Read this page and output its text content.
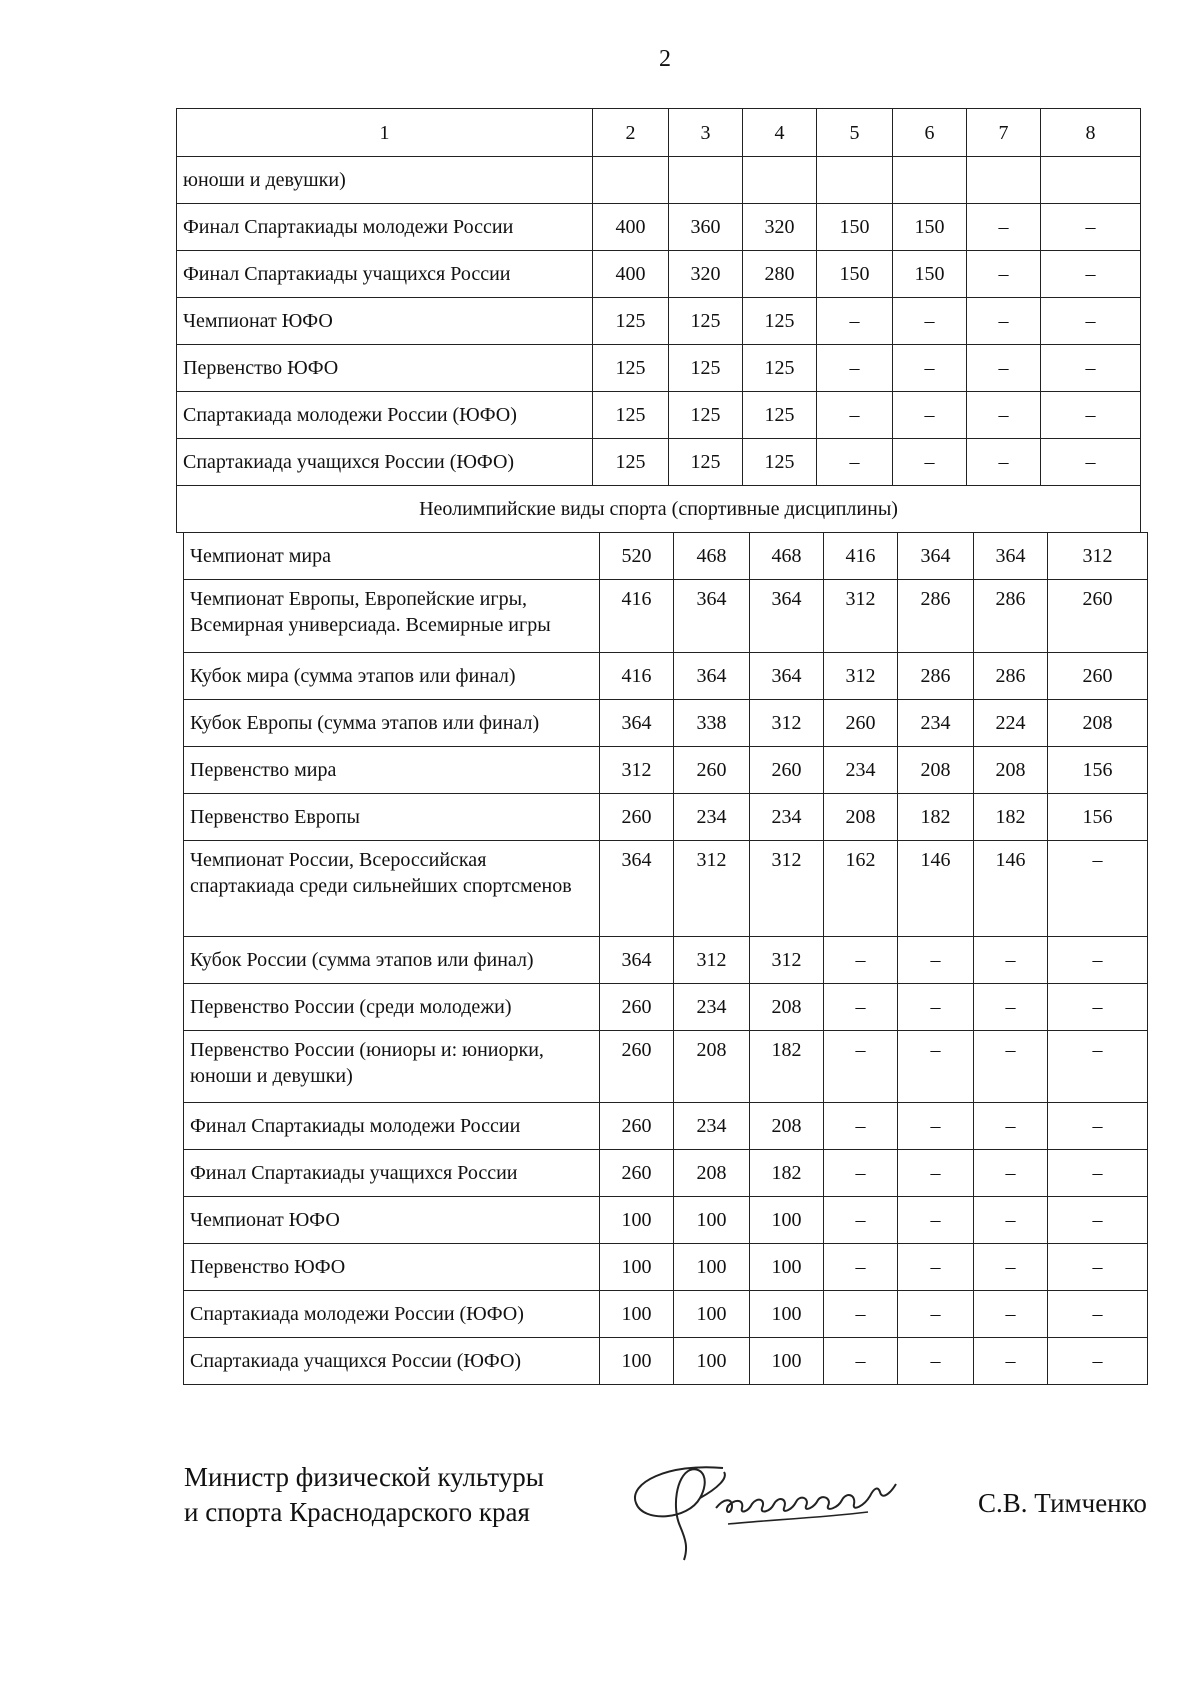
2
1	2	3	4	5	6	7	8
юноши и девушки)							
Финал Спартакиады молодежи России	400	360	320	150	150	–	–
Финал Спартакиады учащихся России	400	320	280	150	150	–	–
Чемпионат ЮФО	125	125	125	–	–	–	–
Первенство ЮФО	125	125	125	–	–	–	–
Спартакиада молодежи России (ЮФО)	125	125	125	–	–	–	–
Спартакиада учащихся России (ЮФО)	125	125	125	–	–	–	–
Неолимпийские виды спорта (спортивные дисциплины)							
Чемпионат мира	520	468	468	416	364	364	312
Чемпионат Европы, Европейские игры, Всемирная универсиада. Всемирные игры	416	364	364	312	286	286	260
Кубок мира (сумма этапов или финал)	416	364	364	312	286	286	260
Кубок Европы (сумма этапов или финал)	364	338	312	260	234	224	208
Первенство мира	312	260	260	234	208	208	156
Первенство Европы	260	234	234	208	182	182	156
Чемпионат России, Всероссийская спартакиада среди сильнейших спортсменов	364	312	312	162	146	146	–
Кубок России (сумма этапов или финал)	364	312	312	–	–	–	–
Первенство России (среди молодежи)	260	234	208	–	–	–	–
Первенство России (юниоры и: юниорки, юноши и девушки)	260	208	182	–	–	–	–
Финал Спартакиады молодежи России	260	234	208	–	–	–	–
Финал Спартакиады учащихся России	260	208	182	–	–	–	–
Чемпионат ЮФО	100	100	100	–	–	–	–
Первенство ЮФО	100	100	100	–	–	–	–
Спартакиада молодежи России (ЮФО)	100	100	100	–	–	–	–
Спартакиада учащихся России (ЮФО)	100	100	100	–	–	–	–
Министр физической культуры
и спорта Краснодарского края	С.В. Тимченко
